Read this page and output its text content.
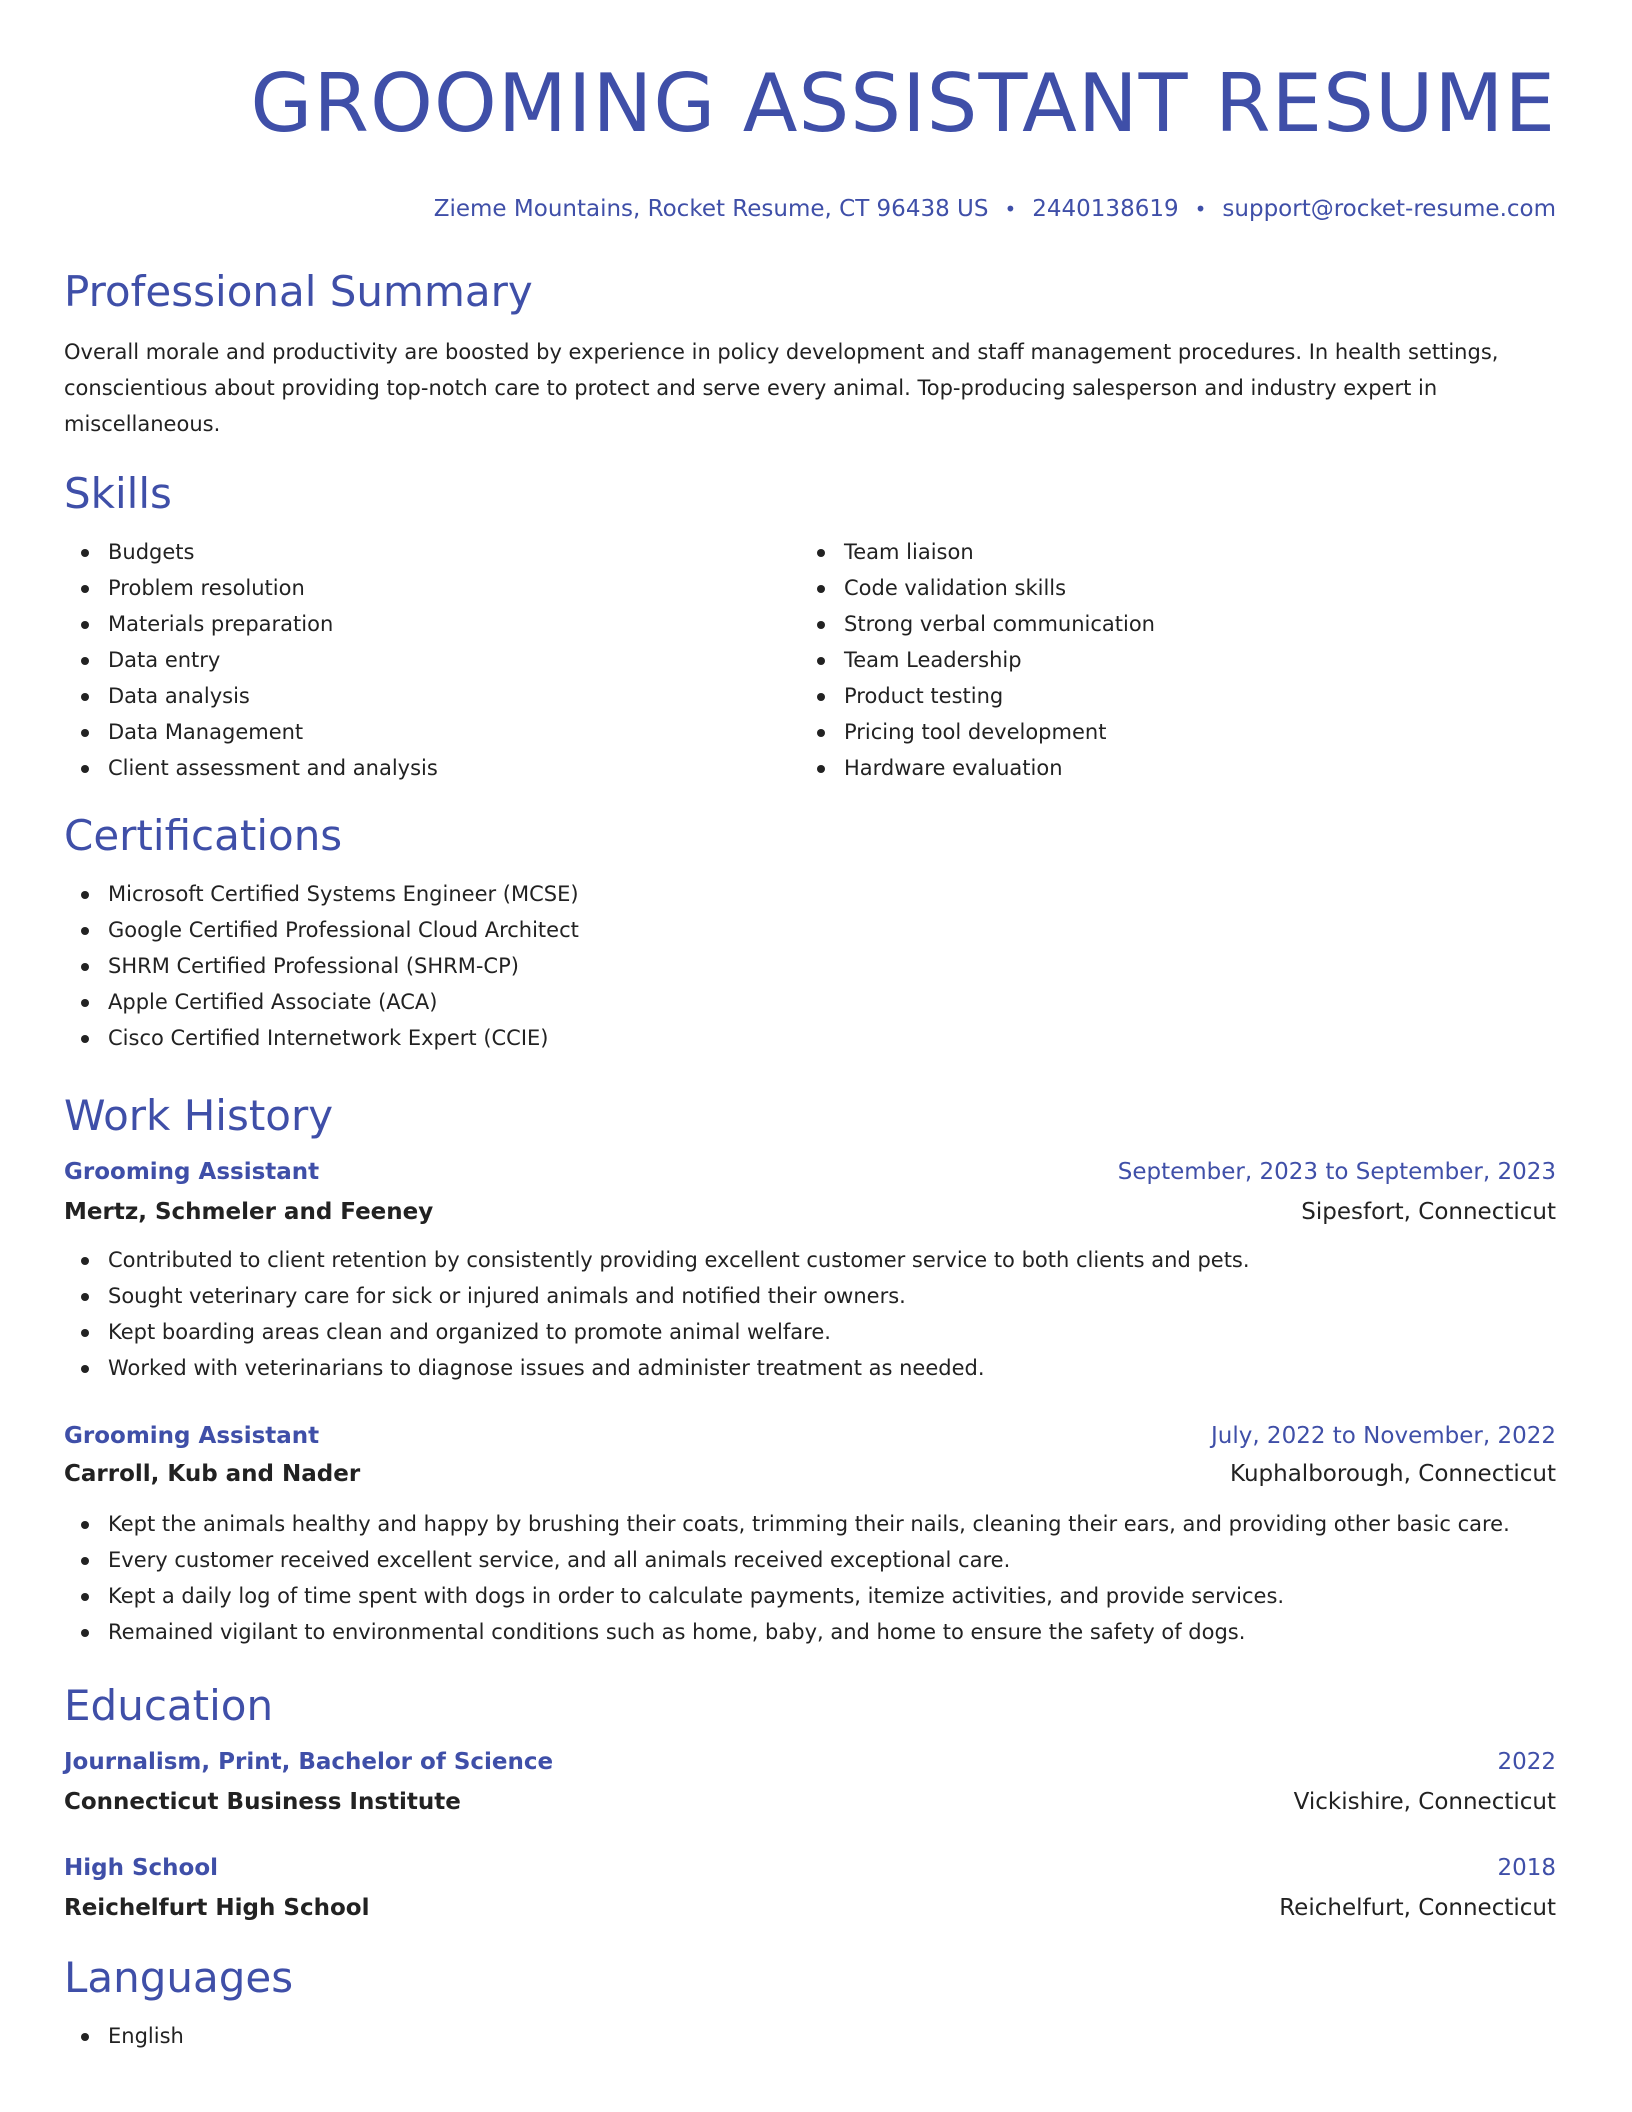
GROOMING ASSISTANT RESUME
Zieme Mountains, Rocket Resume, CT 96438 US • 2440138619 • support@rocket-resume.com
Professional Summary

Overall morale and productivity are boosted by experience in policy development and staff management procedures. In health settings, conscientious about providing top-notch care to protect and serve every animal. Top-producing salesperson and industry expert in miscellaneous.

Skills
Budgets
Problem resolution
Materials preparation
Data entry
Data analysis
Data Management
Client assessment and analysis
Team liaison
Code validation skills
Strong verbal communication
Team Leadership
Product testing
Pricing tool development
Hardware evaluation
Certifications
Microsoft Certified Systems Engineer (MCSE)
Google Certified Professional Cloud Architect
SHRM Certified Professional (SHRM-CP)
Apple Certified Associate (ACA)
Cisco Certified Internetwork Expert (CCIE)
Work History
Grooming Assistant	September, 2023 to September, 2023
Mertz, Schmeler and Feeney	Sipesfort, Connecticut
Contributed to client retention by consistently providing excellent customer service to both clients and pets.
Sought veterinary care for sick or injured animals and notified their owners.
Kept boarding areas clean and organized to promote animal welfare.
Worked with veterinarians to diagnose issues and administer treatment as needed.
Grooming Assistant	July, 2022 to November, 2022
Carroll, Kub and Nader	Kuphalborough, Connecticut
Kept the animals healthy and happy by brushing their coats, trimming their nails, cleaning their ears, and providing other basic care.
Every customer received excellent service, and all animals received exceptional care.
Kept a daily log of time spent with dogs in order to calculate payments, itemize activities, and provide services.
Remained vigilant to environmental conditions such as home, baby, and home to ensure the safety of dogs.
Education
Journalism, Print, Bachelor of Science	2022
Connecticut Business Institute	Vickishire, Connecticut
High School	2018
Reichelfurt High School	Reichelfurt, Connecticut
Languages
English
